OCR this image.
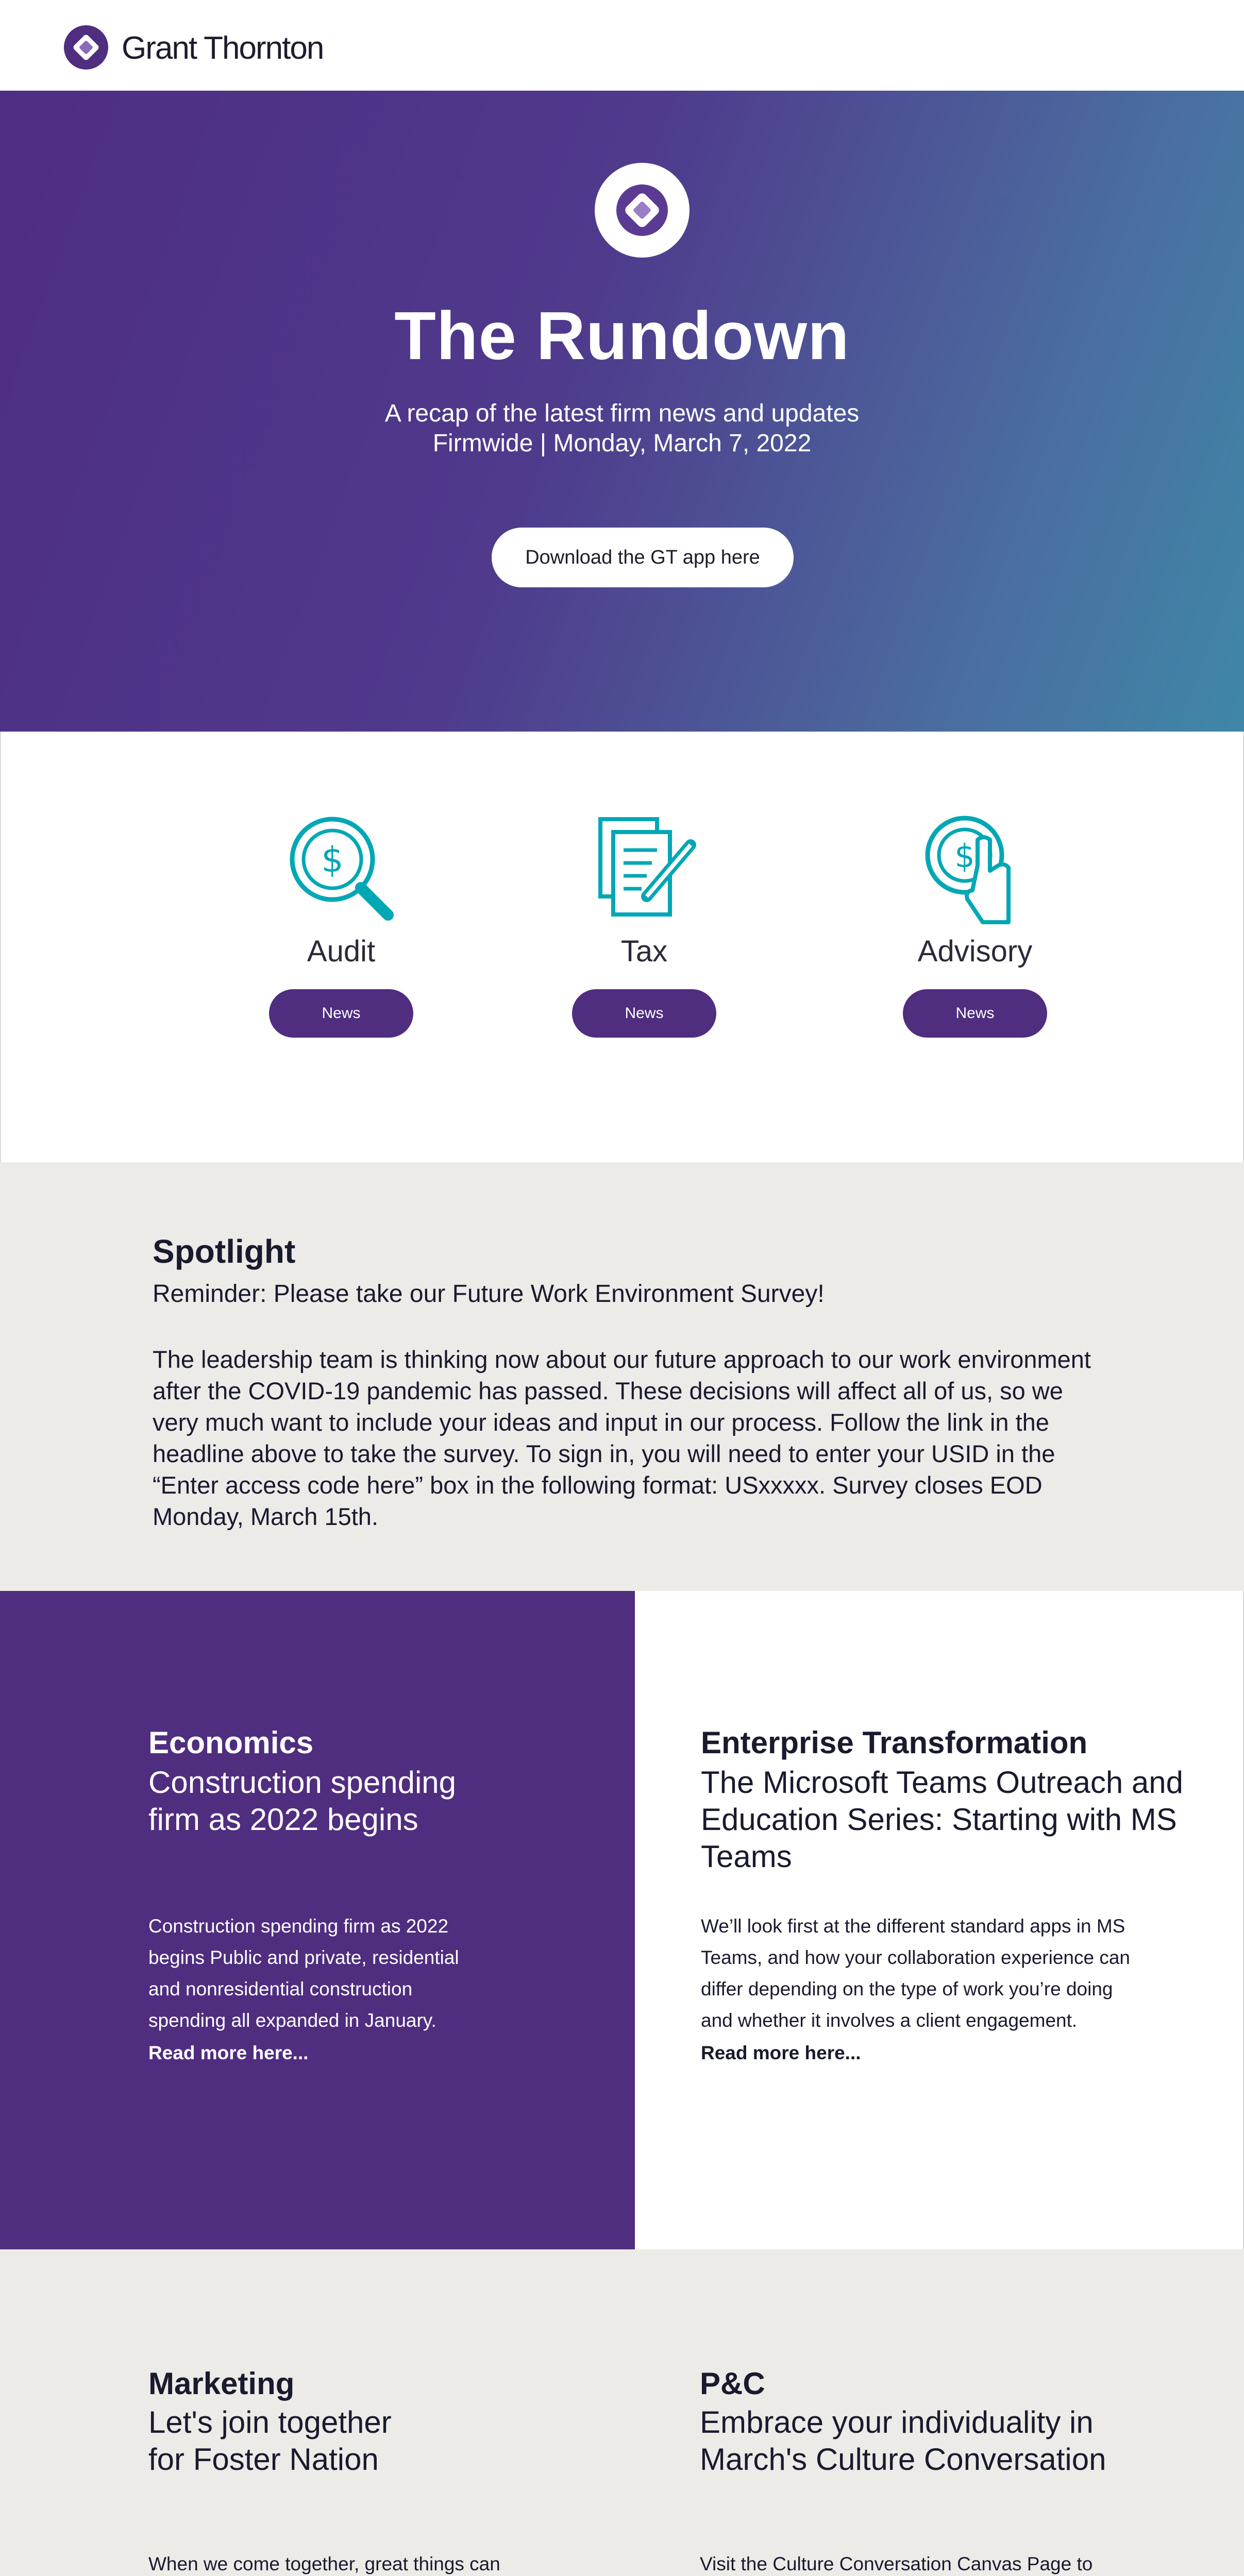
Grant Thornton
The Rundown
A recap of the latest firm news and updates
Firmwide | Monday, March 7, 2022
Download the GT app here
$
Audit
News
Tax
News
$
Advisory
News
Spotlight
Reminder: Please take our Future Work Environment Survey!
The leadership team is thinking now about our future approach to our work environment after the COVID-19 pandemic has passed. These decisions will affect all of us, so we very much want to include your ideas and input in our process. Follow the link in the headline above to take the survey. To sign in, you will need to enter your USID in the “Enter access code here” box in the following format: USxxxxx. Survey closes EOD Monday, March 15th.
Economics
Construction spending
firm as 2022 begins
Construction spending firm as 2022
begins Public and private, residential
and nonresidential construction
spending all expanded in January.
Read more here...
Enterprise Transformation
The Microsoft Teams Outreach and
Education Series: Starting with MS
Teams
We’ll look first at the different standard apps in MS
Teams, and how your collaboration experience can
differ depending on the type of work you’re doing
and whether it involves a client engagement.
Read more here...
Marketing
Let's join together
for Foster Nation
When we come together, great things can
P&C
Embrace your individuality in
March's Culture Conversation
Visit the Culture Conversation Canvas Page to
